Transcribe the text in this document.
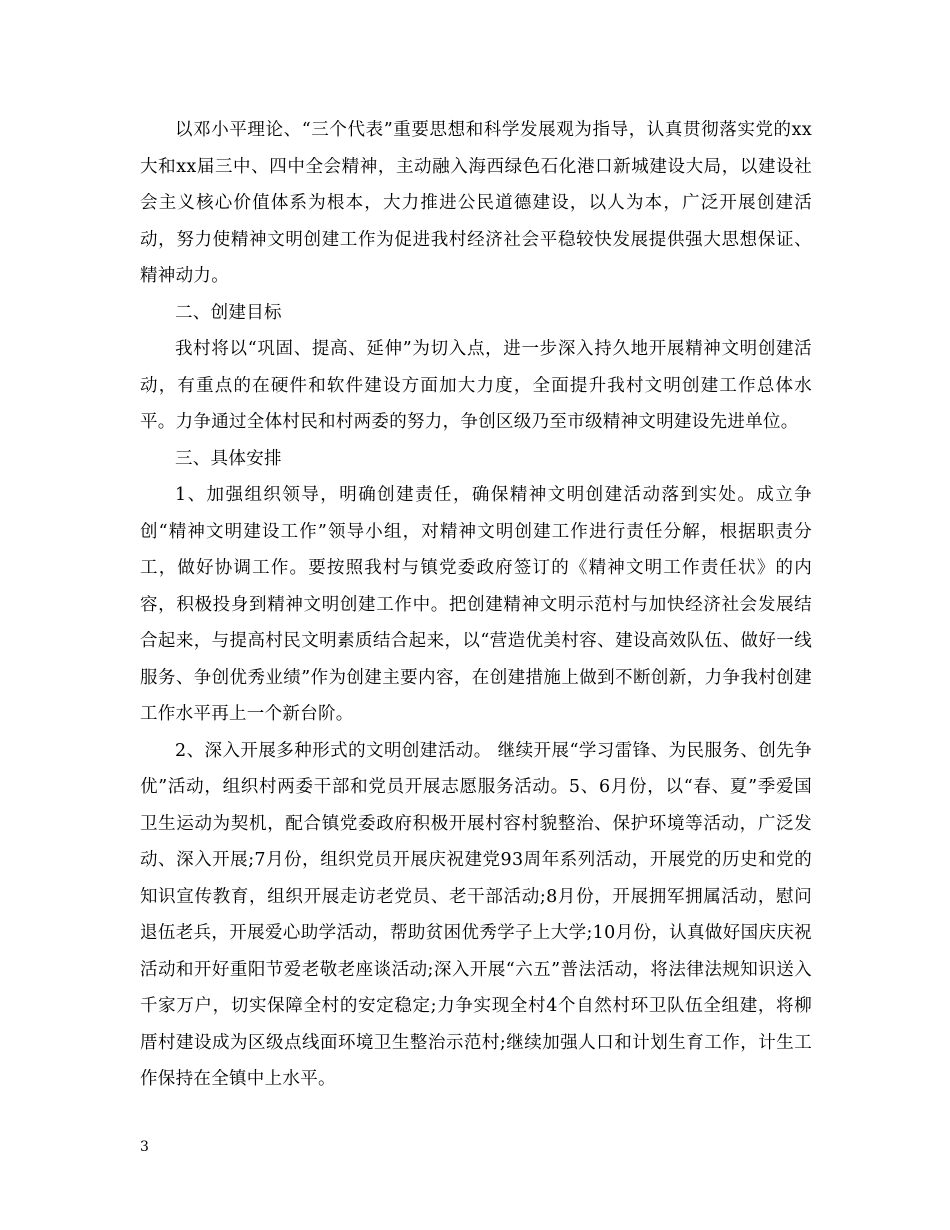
以邓小平理论、“三个代表”重要思想和科学发展观为指导，认真贯彻落实党的xx大和xx届三中、四中全会精神，主动融入海西绿色石化港口新城建设大局，以建设社会主义核心价值体系为根本，大力推进公民道德建设，以人为本，广泛开展创建活动，努力使精神文明创建工作为促进我村经济社会平稳较快发展提供强大思想保证、精神动力。

二、创建目标

我村将以“巩固、提高、延伸”为切入点，进一步深入持久地开展精神文明创建活动，有重点的在硬件和软件建设方面加大力度，全面提升我村文明创建工作总体水平。力争通过全体村民和村两委的努力，争创区级乃至市级精神文明建设先进单位。

三、具体安排

1、加强组织领导，明确创建责任，确保精神文明创建活动落到实处。成立争创“精神文明建设工作”领导小组，对精神文明创建工作进行责任分解，根据职责分工，做好协调工作。要按照我村与镇党委政府签订的《精神文明工作责任状》的内容，积极投身到精神文明创建工作中。把创建精神文明示范村与加快经济社会发展结合起来，与提高村民文明素质结合起来，以“营造优美村容、建设高效队伍、做好一线服务、争创优秀业绩”作为创建主要内容，在创建措施上做到不断创新，力争我村创建工作水平再上一个新台阶。

2、深入开展多种形式的文明创建活动。 继续开展“学习雷锋、为民服务、创先争优”活动，组织村两委干部和党员开展志愿服务活动。5、6月份，以“春、夏”季爱国卫生运动为契机，配合镇党委政府积极开展村容村貌整治、保护环境等活动，广泛发动、深入开展;7月份，组织党员开展庆祝建党93周年系列活动，开展党的历史和党的知识宣传教育，组织开展走访老党员、老干部活动;8月份，开展拥军拥属活动，慰问退伍老兵，开展爱心助学活动，帮助贫困优秀学子上大学;10月份，认真做好国庆庆祝活动和开好重阳节爱老敬老座谈活动;深入开展“六五”普法活动，将法律法规知识送入千家万户，切实保障全村的安定稳定;力争实现全村4个自然村环卫队伍全组建，将柳厝村建设成为区级点线面环境卫生整治示范村;继续加强人口和计划生育工作，计生工作保持在全镇中上水平。

3
